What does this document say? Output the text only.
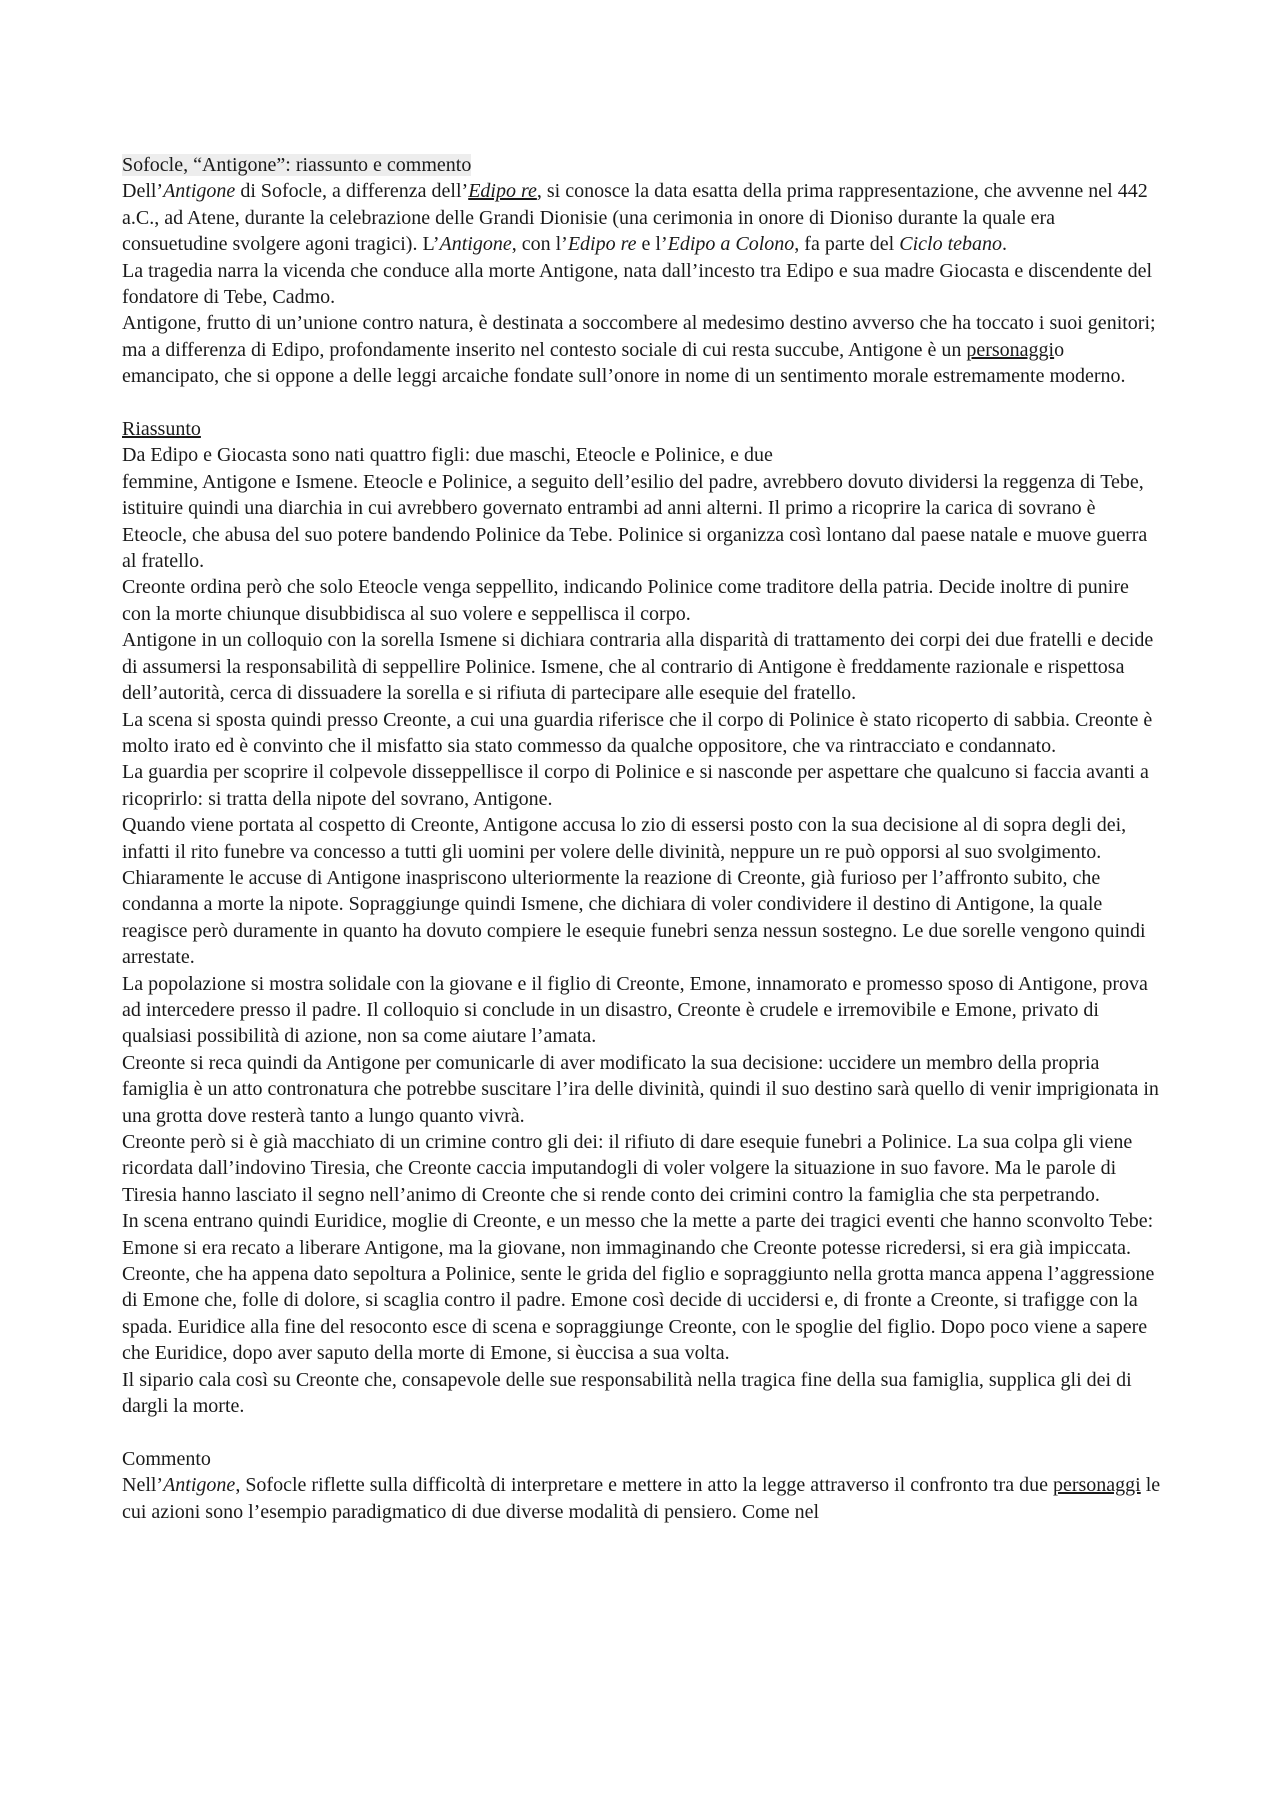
Sofocle, “Antigone”: riassunto e commento

Dell’Antigone di Sofocle, a differenza dell’Edipo re, si conosce la data esatta della prima rappresentazione, che avvenne nel 442 a.C., ad Atene, durante la celebrazione delle Grandi Dionisie (una cerimonia in onore di Dioniso durante la quale era consuetudine svolgere agoni tragici). L’Antigone, con l’Edipo re e l’Edipo a Colono, fa parte del Ciclo tebano.

La tragedia narra la vicenda che conduce alla morte Antigone, nata dall’incesto tra Edipo e sua madre Giocasta e discendente del fondatore di Tebe, Cadmo.

Antigone, frutto di un’unione contro natura, è destinata a soccombere al medesimo destino avverso che ha toccato i suoi genitori; ma a differenza di Edipo, profondamente inserito nel contesto sociale di cui resta succube, Antigone è un personaggio emancipato, che si oppone a delle leggi arcaiche fondate sull’onore in nome di un sentimento morale estremamente moderno.

Riassunto

Da Edipo e Giocasta sono nati quattro figli: due maschi, Eteocle e Polinice, e due

femmine, Antigone e Ismene. Eteocle e Polinice, a seguito dell’esilio del padre, avrebbero dovuto dividersi la reggenza di Tebe, istituire quindi una diarchia in cui avrebbero governato entrambi ad anni alterni. Il primo a ricoprire la carica di sovrano è Eteocle, che abusa del suo potere bandendo Polinice da Tebe. Polinice si organizza così lontano dal paese natale e muove guerra al fratello.

Creonte ordina però che solo Eteocle venga seppellito, indicando Polinice come traditore della patria. Decide inoltre di punire con la morte chiunque disubbidisca al suo volere e seppellisca il corpo.

Antigone in un colloquio con la sorella Ismene si dichiara contraria alla disparità di trattamento dei corpi dei due fratelli e decide di assumersi la responsabilità di seppellire Polinice. Ismene, che al contrario di Antigone è freddamente razionale e rispettosa dell’autorità, cerca di dissuadere la sorella e si rifiuta di partecipare alle esequie del fratello.

La scena si sposta quindi presso Creonte, a cui una guardia riferisce che il corpo di Polinice è stato ricoperto di sabbia. Creonte è molto irato ed è convinto che il misfatto sia stato commesso da qualche oppositore, che va rintracciato e condannato.

La guardia per scoprire il colpevole disseppellisce il corpo di Polinice e si nasconde per aspettare che qualcuno si faccia avanti a ricoprirlo: si tratta della nipote del sovrano, Antigone.

Quando viene portata al cospetto di Creonte, Antigone accusa lo zio di essersi posto con la sua decisione al di sopra degli dei, infatti il rito funebre va concesso a tutti gli uomini per volere delle divinità, neppure un re può opporsi al suo svolgimento. Chiaramente le accuse di Antigone inaspriscono ulteriormente la reazione di Creonte, già furioso per l’affronto subito, che condanna a morte la nipote. Sopraggiunge quindi Ismene, che dichiara di voler condividere il destino di Antigone, la quale reagisce però duramente in quanto ha dovuto compiere le esequie funebri senza nessun sostegno. Le due sorelle vengono quindi arrestate.

La popolazione si mostra solidale con la giovane e il figlio di Creonte, Emone, innamorato e promesso sposo di Antigone, prova ad intercedere presso il padre. Il colloquio si conclude in un disastro, Creonte è crudele e irremovibile e Emone, privato di qualsiasi possibilità di azione, non sa come aiutare l’amata.

Creonte si reca quindi da Antigone per comunicarle di aver modificato la sua decisione: uccidere un membro della propria famiglia è un atto contronatura che potrebbe suscitare l’ira delle divinità, quindi il suo destino sarà quello di venir imprigionata in una grotta dove resterà tanto a lungo quanto vivrà.

Creonte però si è già macchiato di un crimine contro gli dei: il rifiuto di dare esequie funebri a Polinice. La sua colpa gli viene ricordata dall’indovino Tiresia, che Creonte caccia imputandogli di voler volgere la situazione in suo favore. Ma le parole di Tiresia hanno lasciato il segno nell’animo di Creonte che si rende conto dei crimini contro la famiglia che sta perpetrando.

In scena entrano quindi Euridice, moglie di Creonte, e un messo che la mette a parte dei tragici eventi che hanno sconvolto Tebe: Emone si era recato a liberare Antigone, ma la giovane, non immaginando che Creonte potesse ricredersi, si era già impiccata. Creonte, che ha appena dato sepoltura a Polinice, sente le grida del figlio e sopraggiunto nella grotta manca appena l’aggressione di Emone che, folle di dolore, si scaglia contro il padre. Emone così decide di uccidersi e, di fronte a Creonte, si trafigge con la spada. Euridice alla fine del resoconto esce di scena e sopraggiunge Creonte, con le spoglie del figlio. Dopo poco viene a sapere che Euridice, dopo aver saputo della morte di Emone, si èuccisa a sua volta.

Il sipario cala così su Creonte che, consapevole delle sue responsabilità nella tragica fine della sua famiglia, supplica gli dei di dargli la morte.

Commento

Nell’Antigone, Sofocle riflette sulla difficoltà di interpretare e mettere in atto la legge attraverso il confronto tra due personaggi le cui azioni sono l’esempio paradigmatico di due diverse modalità di pensiero. Come nel
